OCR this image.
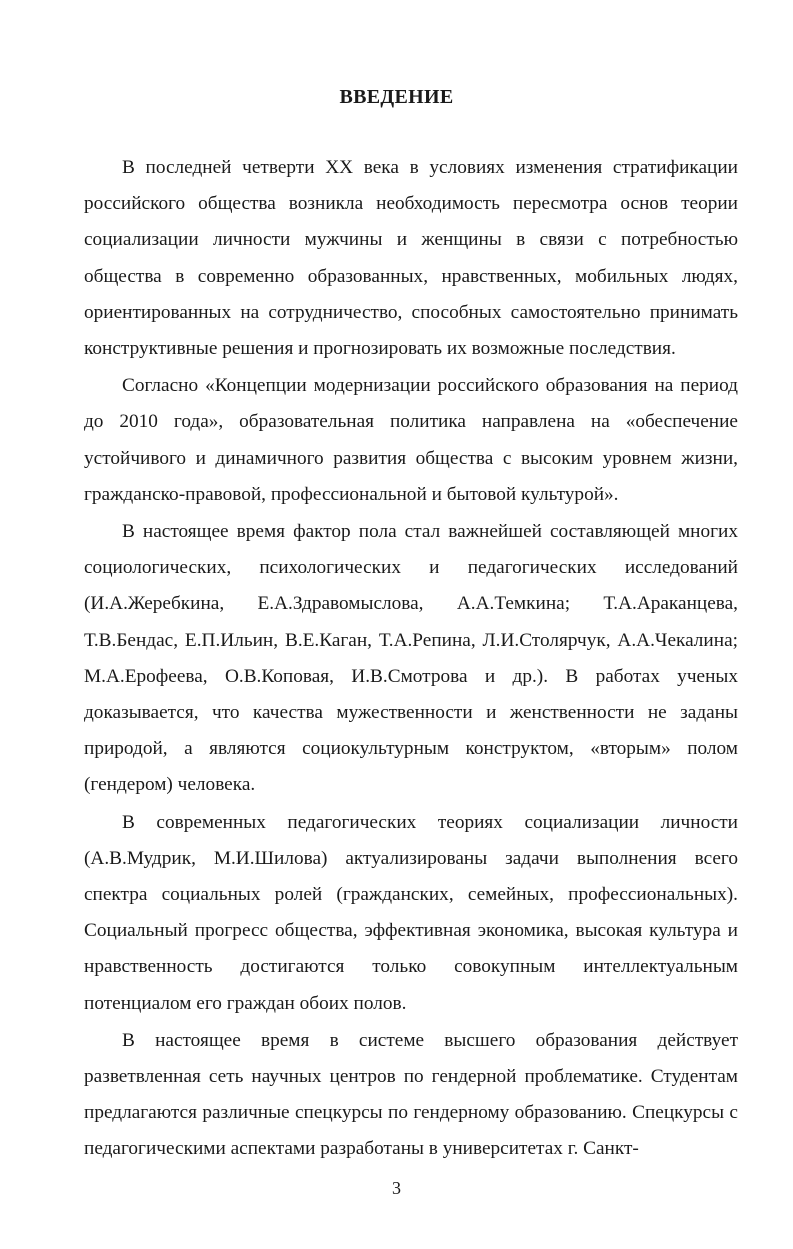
ВВЕДЕНИЕ

В последней четверти XX века в условиях изменения стратификации российского общества возникла необходимость пересмотра основ теории социализации личности мужчины и женщины в связи с потребностью общества в современно образованных, нравственных, мобильных людях, ориентированных на сотрудничество, способных самостоятельно принимать конструктивные решения и прогнозировать их возможные последствия.

Согласно «Концепции модернизации российского образования на период до 2010 года», образовательная политика направлена на «обеспечение устойчивого и динамичного развития общества с высоким уровнем жизни, гражданско-правовой, профессиональной и бытовой культурой».

В настоящее время фактор пола стал важнейшей составляющей многих социологических, психологических и педагогических исследований (И.А.Жеребкина, Е.А.Здравомыслова, А.А.Темкина; Т.А.Араканцева, Т.В.Бендас, Е.П.Ильин, В.Е.Каган, Т.А.Репина, Л.И.Столярчук, А.А.Чекалина; М.А.Ерофеева, О.В.Коповая, И.В.Смотрова и др.). В работах ученых доказывается, что качества мужественности и женственности не заданы природой, а являются социокультурным конструктом, «вторым» полом (гендером) человека.

В современных педагогических теориях социализации личности (А.В.Мудрик, М.И.Шилова) актуализированы задачи выполнения всего спектра социальных ролей (гражданских, семейных, профессиональных). Социальный прогресс общества, эффективная экономика, высокая культура и нравственность достигаются только совокупным интеллектуальным потенциалом его граждан обоих полов.

В настоящее время в системе высшего образования действует разветвленная сеть научных центров по гендерной проблематике. Студентам предлагаются различные спецкурсы по гендерному образованию. Спецкурсы с педагогическими аспектами разработаны в университетах г. Санкт-

3
